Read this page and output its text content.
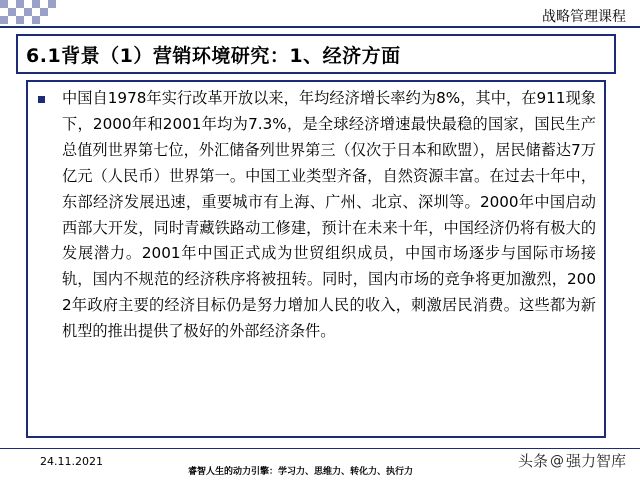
战略管理课程
6.1背景（1）营销环境研究：1、经济方面

中国自1978年实行改革开放以来，年均经济增长率约为8%，其中，在911现象下，2000年和2001年均为7.3%，是全球经济增速最快最稳的国家，国民生产总值列世界第七位，外汇储备列世界第三（仅次于日本和欧盟），居民储蓄达7万亿元（人民币）世界第一。中国工业类型齐备，自然资源丰富。在过去十年中，东部经济发展迅速，重要城市有上海、广州、北京、深圳等。2000年中国启动西部大开发，同时青藏铁路动工修建，预计在未来十年，中国经济仍将有极大的发展潜力。2001年中国正式成为世贸组织成员，中国市场逐步与国际市场接轨，国内不规范的经济秩序将被扭转。同时，国内市场的竞争将更加激烈，2002年政府主要的经济目标仍是努力增加人民的收入，刺激居民消费。这些都为新机型的推出提供了极好的外部经济条件。

24.11.2021
睿智人生的动力引擎：学习力、思维力、转化力、执行力
头条 @ 强力智库
